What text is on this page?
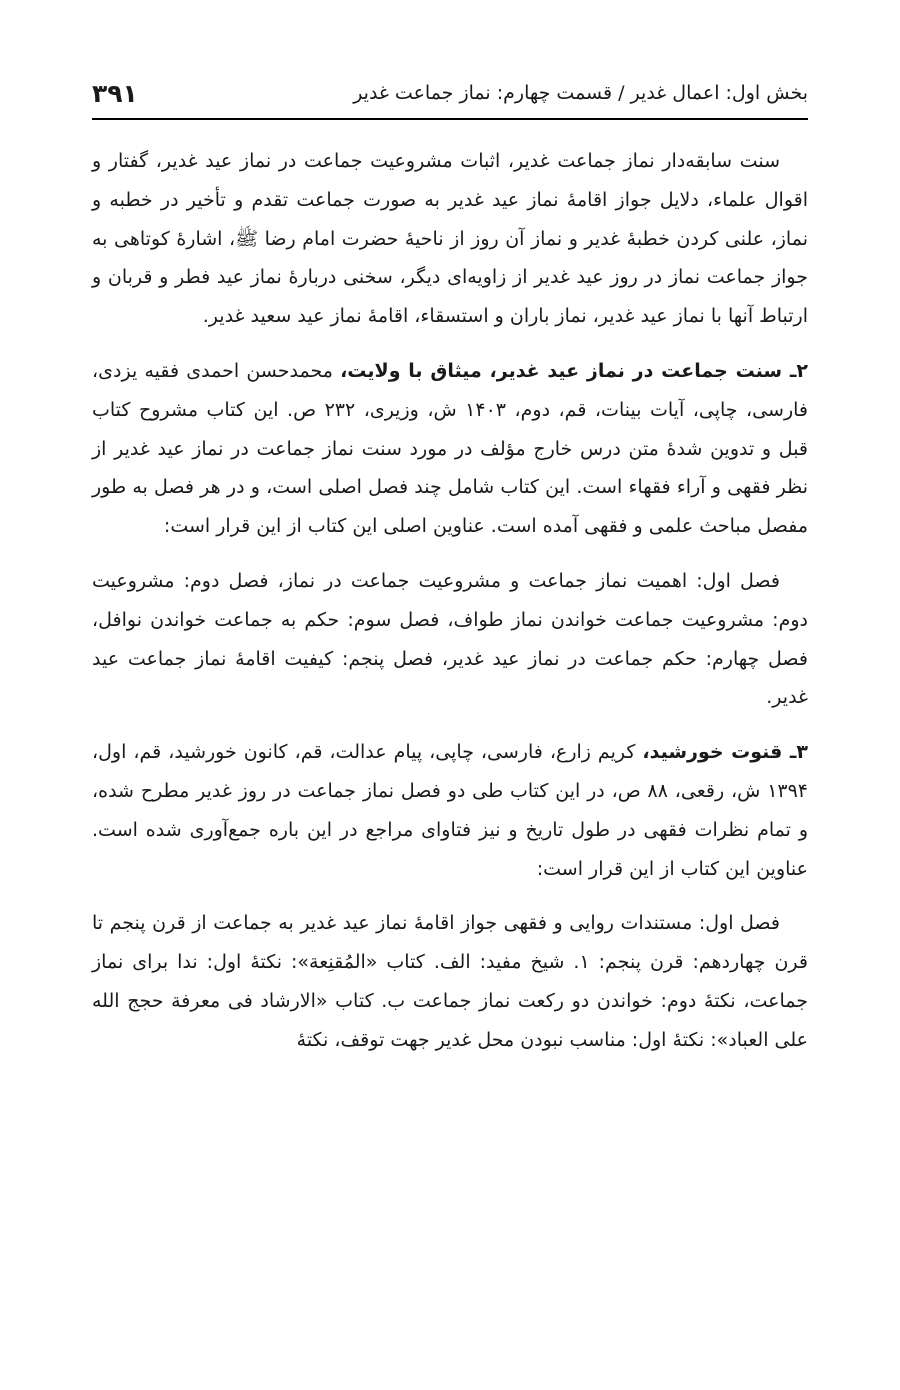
بخش اول: اعمال غدیر / قسمت چهارم: نماز جماعت غدیر
۳۹۱

سنت سابقه‌دار نماز جماعت غدیر، اثبات مشروعیت جماعت در نماز عید غدیر، گفتار و اقوال علماء، دلایل جواز اقامهٔ نماز عید غدیر به صورت جماعت تقدم و تأخیر در خطبه و نماز، علنی کردن خطبهٔ غدیر و نماز آن روز از ناحیهٔ حضرت امام رضا ﷺ، اشارهٔ کوتاهی به جواز جماعت نماز در روز عید غدیر از زاویه‌ای دیگر، سخنی دربارهٔ نماز عید فطر و قربان و ارتباط آنها با نماز عید غدیر، نماز باران و استسقاء، اقامهٔ نماز عید سعید غدیر.

۲ـ سنت جماعت در نماز عید غدیر، میثاق با ولایت، محمدحسن احمدی فقیه یزدی، فارسی، چاپی، آیات بینات، قم، دوم، ۱۴۰۳ ش، وزیری، ۲۳۲ ص. این کتاب مشروح کتاب قبل و تدوین شدهٔ متن درس خارج مؤلف در مورد سنت نماز جماعت در نماز عید غدیر از نظر فقهی و آراء فقهاء است. این کتاب شامل چند فصل اصلی است، و در هر فصل به طور مفصل مباحث علمی و فقهی آمده است. عناوین اصلی این کتاب از این قرار است:

فصل اول: اهمیت نماز جماعت و مشروعیت جماعت در نماز، فصل دوم: مشروعیت دوم: مشروعیت جماعت خواندن نماز طواف، فصل سوم: حکم به جماعت خواندن نوافل، فصل چهارم: حکم جماعت در نماز عید غدیر، فصل پنجم: کیفیت اقامهٔ نماز جماعت عید غدیر.

۳ـ قنوت خورشید، کریم زارع، فارسی، چاپی، پیام عدالت، قم، کانون خورشید، قم، اول، ۱۳۹۴ ش، رقعی، ۸۸ ص، در این کتاب طی دو فصل نماز جماعت در روز غدیر مطرح شده، و تمام نظرات فقهی در طول تاریخ و نیز فتاوای مراجع در این باره جمع‌آوری شده است. عناوین این کتاب از این قرار است:

فصل اول: مستندات روایی و فقهی جواز اقامهٔ نماز عید غدیر به جماعت از قرن پنجم تا قرن چهاردهم: قرن پنجم: ۱. شیخ مفید: الف. کتاب «المُقنِعة»: نکتهٔ اول: ندا برای نماز جماعت، نکتهٔ دوم: خواندن دو رکعت نماز جماعت ب. کتاب «الارشاد فی معرفة حجج الله علی العباد»: نکتهٔ اول: مناسب نبودن محل غدیر جهت توقف، نکتهٔ
